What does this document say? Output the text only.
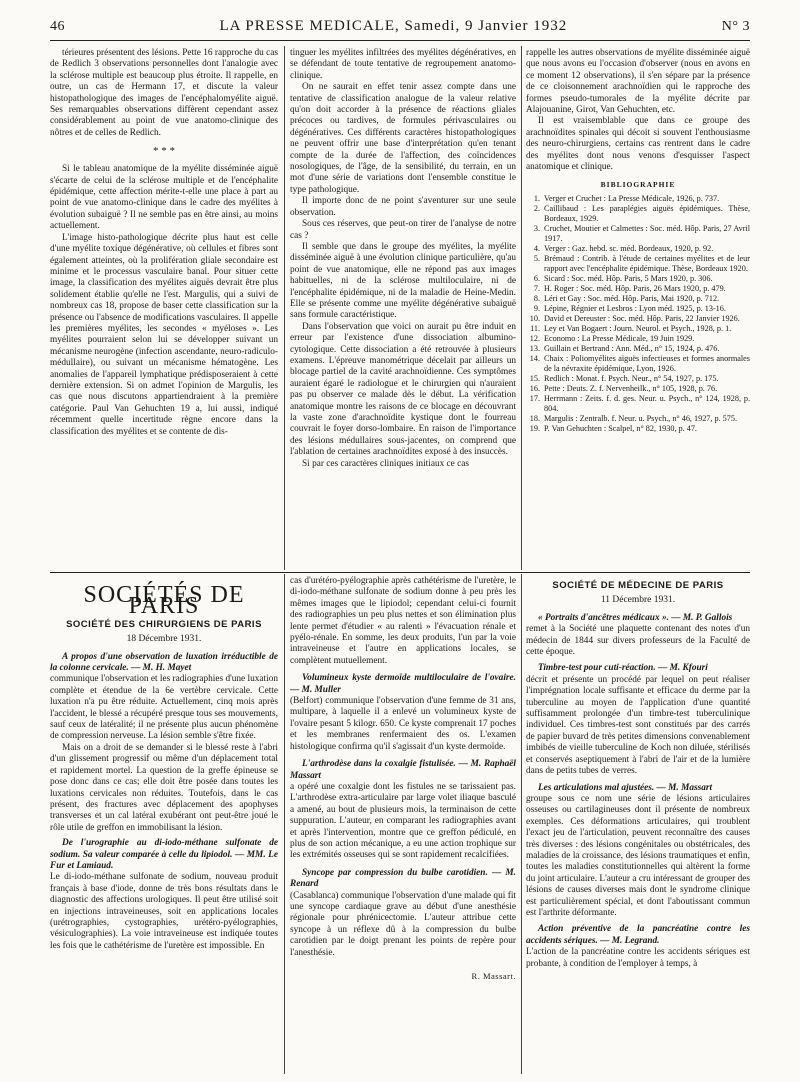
46	LA PRESSE MEDICALE, Samedi, 9 Janvier 1932	N° 3

térieures présentent des lésions. Pette 16 rapproche du cas de Redlich 3 observations personnelles dont l'analogie avec la sclérose multiple est beaucoup plus étroite. Il rappelle, en outre, un cas de Hermann 17, et discute la valeur histopathologique des images de l'encéphalomyélite aiguë. Ses remarquables observations diffèrent cependant assez considérablement au point de vue anatomo-clinique des nôtres et de celles de Redlich.

* * *

Si le tableau anatomique de la myélite disséminée aiguë s'écarte de celui de la sclérose multiple et de l'encéphalite épidémique, cette affection mérite-t-elle une place à part au point de vue anatomo-clinique dans le cadre des myélites à évolution subaiguë ? Il ne semble pas en être ainsi, au moins actuellement.

L'image histo-pathologique décrite plus haut est celle d'une myélite toxique dégénérative, où cellules et fibres sont également atteintes, où la prolifération gliale secondaire est minime et le processus vasculaire banal. Pour situer cette image, la classification des myélites aiguës devrait être plus solidement établie qu'elle ne l'est. Margulis, qui a suivi de nombreux cas 18, propose de baser cette classification sur la présence ou l'absence de modifications vasculaires. Il appelle les premières myélites, les secondes « myéloses ». Les myélites pourraient selon lui se développer suivant un mécanisme neurogène (infection ascendante, neuro-radiculo-médullaire), ou suivant un mécanisme hématogène. Les anomalies de l'appareil lymphatique prédisposeraient à cette dernière extension. Si on admet l'opinion de Margulis, les cas que nous discutons appartiendraient à la première catégorie. Paul Van Gehuchten 19 a, lui aussi, indiqué récemment quelle incertitude règne encore dans la classification des myélites et se contente de dis-

tinguer les myélites infiltrées des myélites dégénératives, en se défendant de toute tentative de regroupement anatomo-clinique.

On ne saurait en effet tenir assez compte dans une tentative de classification analogue de la valeur relative qu'on doit accorder à la présence de réactions gliales précoces ou tardives, de formules périvasculaires ou dégénératives. Ces différents caractères histopathologiques ne peuvent offrir une base d'interprétation qu'en tenant compte de la durée de l'affection, des coïncidences nosologiques, de l'âge, de la sensibilité, du terrain, en un mot d'une série de variations dont l'ensemble constitue le type pathologique.

Il importe donc de ne point s'aventurer sur une seule observation.

Sous ces réserves, que peut-on tirer de l'analyse de notre cas ?

Il semble que dans le groupe des myélites, la myélite disséminée aiguë à une évolution clinique particulière, qu'au point de vue anatomique, elle ne répond pas aux images habituelles, ni de la sclérose multiloculaire, ni de l'encéphalite épidémique, ni de la maladie de Heine-Medin. Elle se présente comme une myélite dégénérative subaiguë sans formule caractéristique.

Dans l'observation que voici on aurait pu être induit en erreur par l'existence d'une dissociation albumino-cytologique. Cette dissociation a été retrouvée à plusieurs examens. L'épreuve manométrique décelait par ailleurs un blocage partiel de la cavité arachnoïdienne. Ces symptômes auraient égaré le radiologue et le chirurgien qui n'auraient pas pu observer ce malade dès le début. La vérification anatomique montre les raisons de ce blocage en découvrant la vaste zone d'arachnoïdite kystique dont le fourreau couvrait le foyer dorso-lombaire. En raison de l'importance des lésions médullaires sous-jacentes, on comprend que l'ablation de certaines arachnoïdites exposé à des insuccès.

Si par ces caractères cliniques initiaux ce cas

rappelle les autres observations de myélite disséminée aiguë que nous avons eu l'occasion d'observer (nous en avons en ce moment 12 observations), il s'en sépare par la présence de ce cloisonnement arachnoïdien qui le rapproche des formes pseudo-tumorales de la myélite décrite par Alajouanine, Girot, Van Gehuchten, etc.

Il est vraisemblable que dans ce groupe des arachnoïdites spinales qui décoit si souvent l'enthousiasme des neuro-chirurgiens, certains cas rentrent dans le cadre des myélites dont nous venons d'esquisser l'aspect anatomique et clinique.

BIBLIOGRAPHIE
1. Verger et Cruchet : La Presse Médicale, 1926, p. 737.
2. Caillibaud : Les paraplégies aiguës épidémiques. Thèse, Bordeaux, 1929.
3. Cruchet, Moutier et Calmettes : Soc. méd. Hôp. Paris, 27 Avril 1917.
4. Verger : Gaz. hebd. sc. méd. Bordeaux, 1920, p. 92.
5. Brémaud : Contrib. à l'étude de certaines myélites et de leur rapport avec l'encéphalite épidémique. Thèse, Bordeaux 1920.
6. Sicard : Soc. méd. Hôp. Paris, 5 Mars 1920, p. 306.
7. H. Roger : Soc. méd. Hôp. Paris, 26 Mars 1920, p. 479.
8. Léri et Gay : Soc. méd. Hôp. Paris, Mai 1920, p. 712.
9. Lépine, Régnier et Lesbros : Lyon méd. 1925, p. 13-16.
10. David et Dereuster : Soc. méd. Hôp. Paris, 22 Janvier 1926.
11. Ley et Van Bogaert : Journ. Neurol. et Psych., 1928, p. 1.
12. Economo : La Presse Médicale, 19 Juin 1929.
13. Guillain et Bertrand : Ann. Méd., n° 15, 1924, p. 476.
14. Chaix : Poliomyélites aiguës infectieuses et formes anormales de la névraxite épidémique, Lyon, 1926.
15. Redlich : Monat. f. Psych. Neur., n° 54, 1927, p. 175.
16. Pette : Deuts. Z. f. Nervenheilk., n° 105, 1928, p. 76.
17. Herrmann : Zeits. f. d. ges. Neur. u. Psych., n° 124, 1928, p. 804.
18. Margulis : Zentralb. f. Neur. u. Psych., n° 46, 1927, p. 575.
19. P. Van Gehuchten : Scalpel, n° 82, 1930, p. 47.
SOCIÉTÉS DE PARIS
SOCIÉTÉ DES CHIRURGIENS DE PARIS
18 Décembre 1931.

A propos d'une observation de luxation irréductible de la colonne cervicale. — M. H. Mayet

communique l'observation et les radiographies d'une luxation complète et étendue de la 6e vertèbre cervicale. Cette luxation n'a pu être réduite. Actuellement, cinq mois après l'accident, le blessé a récupéré presque tous ses mouvements, sauf ceux de latéralité; il ne présente plus aucun phénomène de compression nerveuse. La lésion semble s'être fixée.

Mais on a droit de se demander si le blessé reste à l'abri d'un glissement progressif ou même d'un déplacement total et rapidement mortel. La question de la greffe épineuse se pose donc dans ce cas; elle doit être posée dans toutes les luxations cervicales non réduites. Toutefois, dans le cas présent, des fractures avec déplacement des apophyses transverses et un cal latéral exubérant ont peut-être joué le rôle utile de greffon en immobilisant la lésion.

De l'urographie au di-iodo-méthane sulfonate de sodium. Sa valeur comparée à celle du lipiodol. — MM. Le Fur et Lamiaud.

Le di-iodo-méthane sulfonate de sodium, nouveau produit français à base d'iode, donne de très bons résultats dans le diagnostic des affections urologiques. Il peut être utilisé soit en injections intraveineuses, soit en applications locales (urétrographies, cystographies, urétéro-pyélographies, vésiculographies). La voie intraveineuse est indiquée toutes les fois que le cathétérisme de l'uretère est impossible. En

cas d'urétéro-pyélographie après cathétérisme de l'uretère, le di-iodo-méthane sulfonate de sodium donne à peu près les mêmes images que le lipiodol; cependant celui-ci fournit des radiographies un peu plus nettes et son élimination plus lente permet d'étudier « au ralenti » l'évacuation rénale et pyélo-rénale. En somme, les deux produits, l'un par la voie intraveineuse et l'autre en applications locales, se complètent mutuellement.

Volumineux kyste dermoïde multiloculaire de l'ovaire. — M. Muller

(Belfort) communique l'observation d'une femme de 31 ans, multipare, à laquelle il a enlevé un volumineux kyste de l'ovaire pesant 5 kilogr. 650. Ce kyste comprenait 17 poches et les membranes renfermaient des os. L'examen histologique confirma qu'il s'agissait d'un kyste dermoïde.

L'arthrodèse dans la coxalgie fistulisée. — M. Raphaël Massart

a opéré une coxalgie dont les fistules ne se tarissaient pas. L'arthrodèse extra-articulaire par large volet iliaque basculé a amené, au bout de plusieurs mois, la terminaison de cette suppuration. L'auteur, en comparant les radiographies avant et après l'intervention, montre que ce greffon pédiculé, en plus de son action mécanique, a eu une action trophique sur les extrémités osseuses qui se sont rapidement recalcifiées.

Syncope par compression du bulbe carotidien. — M. Renard

(Casablanca) communique l'observation d'une malade qui fit une syncope cardiaque grave au début d'une anesthésie régionale pour phrénicectomie. L'auteur attribue cette syncope à un réflexe dû à la compression du bulbe carotidien par le doigt prenant les points de repère pour l'anesthésie.

R. Massart.
SOCIÉTÉ DE MÉDECINE DE PARIS
11 Décembre 1931.

« Portraits d'ancêtres médicaux ». — M. P. Gallois

remet à la Société une plaquette contenant des notes d'un médecin de 1844 sur divers professeurs de la Faculté de cette époque.

Timbre-test pour cuti-réaction. — M. Kfouri

décrit et présente un procédé par lequel on peut réaliser l'imprégnation locale suffisante et efficace du derme par la tuberculine au moyen de l'application d'une quantité suffisamment prolongée d'un timbre-test tuberculinique individuel. Ces timbres-test sont constitués par des carrés de papier buvard de très petites dimensions convenablement imbibés de vieille tuberculine de Koch non diluée, stérilisés et conservés aseptiquement à l'abri de l'air et de la lumière dans de petits tubes de verres.

Les articulations mal ajustées. — M. Massart

groupe sous ce nom une série de lésions articulaires osseuses ou cartilagineuses dont il présente de nombreux exemples. Ces déformations articulaires, qui troublent l'exact jeu de l'articulation, peuvent reconnaître des causes très diverses : des lésions congénitales ou obstétricales, des maladies de la croissance, des lésions traumatiques et enfin, toutes les maladies constitutionnelles qui altèrent la forme du joint articulaire. L'auteur a cru intéressant de grouper des lésions de causes diverses mais dont le syndrome clinique est particulièrement spécial, et dont l'aboutissant commun est l'arthrite déformante.

Action préventive de la pancréatine contre les accidents sériques. — M. Legrand.

L'action de la pancréatine contre les accidents sériques est probante, à condition de l'employer à temps, à
